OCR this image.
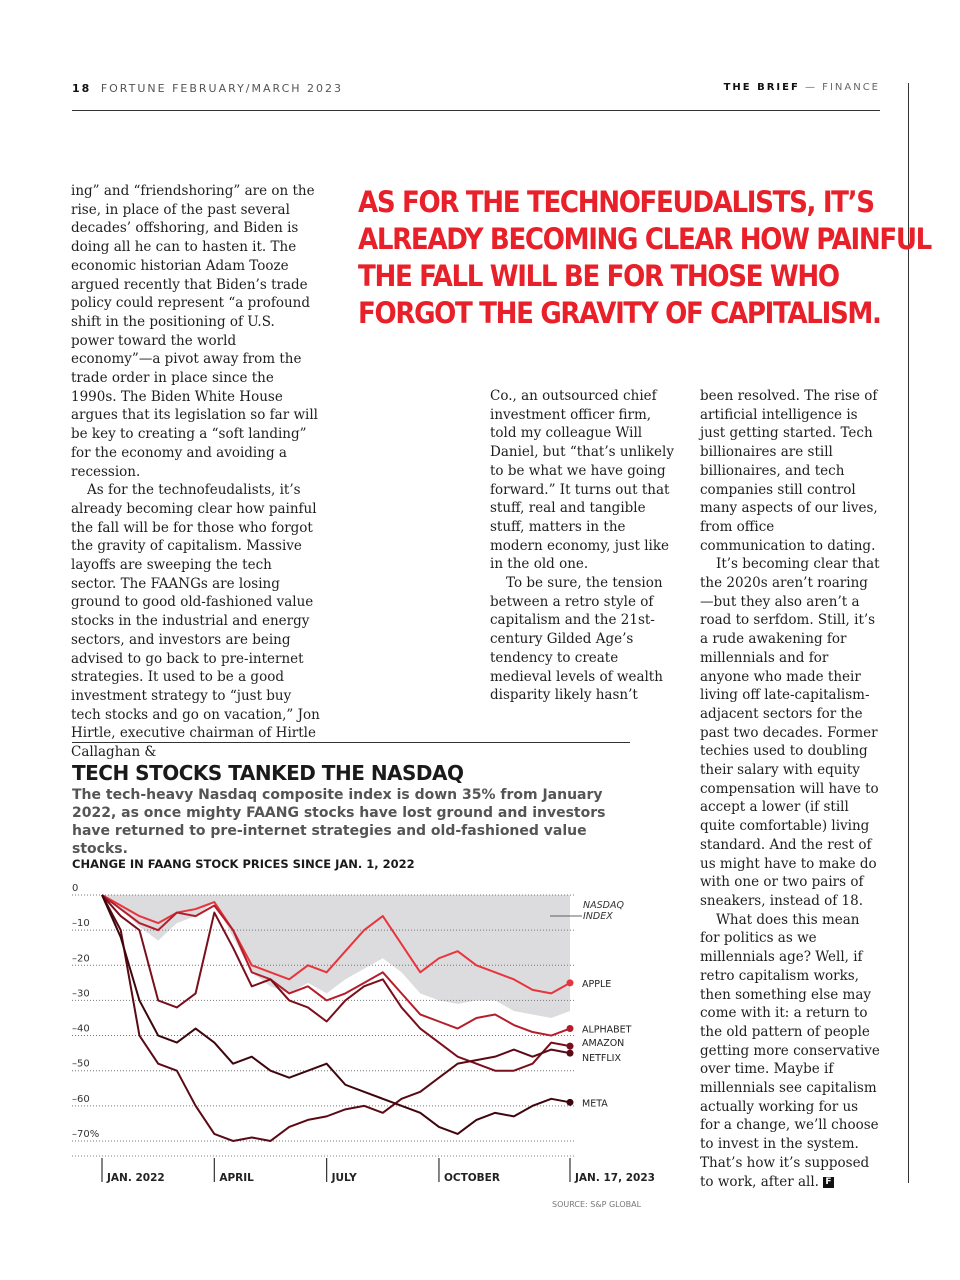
18 FORTUNE FEBRUARY/MARCH 2023	THE BRIEF — FINANCE
AS FOR THE TECHNOFEUDALISTS, IT’S
ALREADY BECOMING CLEAR HOW PAINFUL
THE FALL WILL BE FOR THOSE WHO
FORGOT THE GRAVITY OF CAPITALISM.

ing” and “friendshoring” are on the rise, in place of the past several decades’ offshoring, and Biden is doing all he can to hasten it. The economic historian Adam Tooze argued recently that Biden’s trade policy could represent “a profound shift in the positioning of U.S. power toward the world economy”—a pivot away from the trade order in place since the 1990s. The Biden White House argues that its legislation so far will be key to creating a “soft landing” for the economy and avoiding a recession.

As for the technofeudalists, it’s already becoming clear how painful the fall will be for those who forgot the gravity of capitalism. Massive layoffs are sweeping the tech sector. The FAANGs are losing ground to good old-fashioned value stocks in the industrial and energy sectors, and investors are being advised to go back to pre-internet strategies. It used to be a good investment strategy to “just buy tech stocks and go on vacation,” Jon Hirtle, executive chairman of Hirtle Callaghan &

Co., an outsourced chief investment officer firm, told my colleague Will Daniel, but “that’s unlikely to be what we have going forward.” It turns out that stuff, real and tangible stuff, matters in the modern economy, just like in the old one.

To be sure, the tension between a retro style of capitalism and the 21st-century Gilded Age’s tendency to create medieval levels of wealth disparity likely hasn’t

been resolved. The rise of artificial intelligence is just getting started. Tech billionaires are still billionaires, and tech companies still control many aspects of our lives, from office communication to dating.

It’s becoming clear that the 2020s aren’t roaring—but they also aren’t a road to serfdom. Still, it’s a rude awakening for millennials and for anyone who made their living off late-capitalism-adjacent sectors for the past two decades. Former techies used to doubling their salary with equity compensation will have to accept a lower (if still quite comfortable) living standard. And the rest of us might have to make do with one or two pairs of sneakers, instead of 18.

What does this mean for politics as we millennials age? Well, if retro capitalism works, then something else may come with it: a return to the old pattern of people getting more conservative over time. Maybe if millennials see capitalism actually working for us for a change, we’ll choose to invest in the system. That’s how it’s supposed to work, after all. F

TECH STOCKS TANKED THE NASDAQ
The tech-heavy Nasdaq composite index is down 35% from January 2022, as once mighty FAANG stocks have lost ground and investors have returned to pre-internet strategies and old-fashioned value stocks.
CHANGE IN FAANG STOCK PRICES SINCE JAN. 1, 2022
0
–10
–20
–30
–40
–50
–60
–70%
JAN. 2022	APRIL	JULY	OCTOBER	JAN. 17, 2023
NASDAQ
INDEX
APPLE
ALPHABET
AMAZON
NETFLIX
META
SOURCE: S&P GLOBAL
